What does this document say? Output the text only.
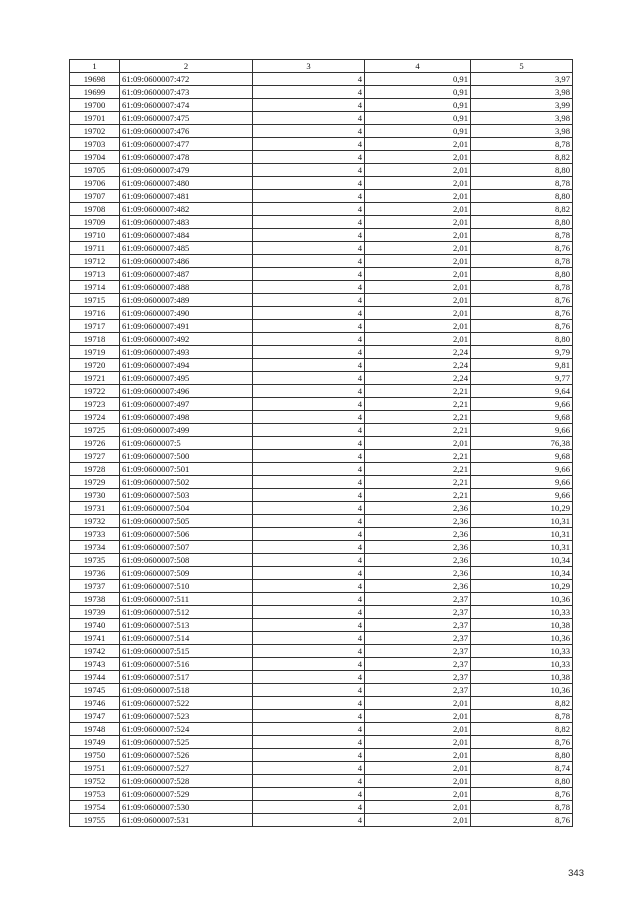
1	2	3	4	5
19698	61:09:0600007:472	4	0,91	3,97
19699	61:09:0600007:473	4	0,91	3,98
19700	61:09:0600007:474	4	0,91	3,99
19701	61:09:0600007:475	4	0,91	3,98
19702	61:09:0600007:476	4	0,91	3,98
19703	61:09:0600007:477	4	2,01	8,78
19704	61:09:0600007:478	4	2,01	8,82
19705	61:09:0600007:479	4	2,01	8,80
19706	61:09:0600007:480	4	2,01	8,78
19707	61:09:0600007:481	4	2,01	8,80
19708	61:09:0600007:482	4	2,01	8,82
19709	61:09:0600007:483	4	2,01	8,80
19710	61:09:0600007:484	4	2,01	8,78
19711	61:09:0600007:485	4	2,01	8,76
19712	61:09:0600007:486	4	2,01	8,78
19713	61:09:0600007:487	4	2,01	8,80
19714	61:09:0600007:488	4	2,01	8,78
19715	61:09:0600007:489	4	2,01	8,76
19716	61:09:0600007:490	4	2,01	8,76
19717	61:09:0600007:491	4	2,01	8,76
19718	61:09:0600007:492	4	2,01	8,80
19719	61:09:0600007:493	4	2,24	9,79
19720	61:09:0600007:494	4	2,24	9,81
19721	61:09:0600007:495	4	2,24	9,77
19722	61:09:0600007:496	4	2,21	9,64
19723	61:09:0600007:497	4	2,21	9,66
19724	61:09:0600007:498	4	2,21	9,68
19725	61:09:0600007:499	4	2,21	9,66
19726	61:09:0600007:5	4	2,01	76,38
19727	61:09:0600007:500	4	2,21	9,68
19728	61:09:0600007:501	4	2,21	9,66
19729	61:09:0600007:502	4	2,21	9,66
19730	61:09:0600007:503	4	2,21	9,66
19731	61:09:0600007:504	4	2,36	10,29
19732	61:09:0600007:505	4	2,36	10,31
19733	61:09:0600007:506	4	2,36	10,31
19734	61:09:0600007:507	4	2,36	10,31
19735	61:09:0600007:508	4	2,36	10,34
19736	61:09:0600007:509	4	2,36	10,34
19737	61:09:0600007:510	4	2,36	10,29
19738	61:09:0600007:511	4	2,37	10,36
19739	61:09:0600007:512	4	2,37	10,33
19740	61:09:0600007:513	4	2,37	10,38
19741	61:09:0600007:514	4	2,37	10,36
19742	61:09:0600007:515	4	2,37	10,33
19743	61:09:0600007:516	4	2,37	10,33
19744	61:09:0600007:517	4	2,37	10,38
19745	61:09:0600007:518	4	2,37	10,36
19746	61:09:0600007:522	4	2,01	8,82
19747	61:09:0600007:523	4	2,01	8,78
19748	61:09:0600007:524	4	2,01	8,82
19749	61:09:0600007:525	4	2,01	8,76
19750	61:09:0600007:526	4	2,01	8,80
19751	61:09:0600007:527	4	2,01	8,74
19752	61:09:0600007:528	4	2,01	8,80
19753	61:09:0600007:529	4	2,01	8,76
19754	61:09:0600007:530	4	2,01	8,78
19755	61:09:0600007:531	4	2,01	8,76
343
